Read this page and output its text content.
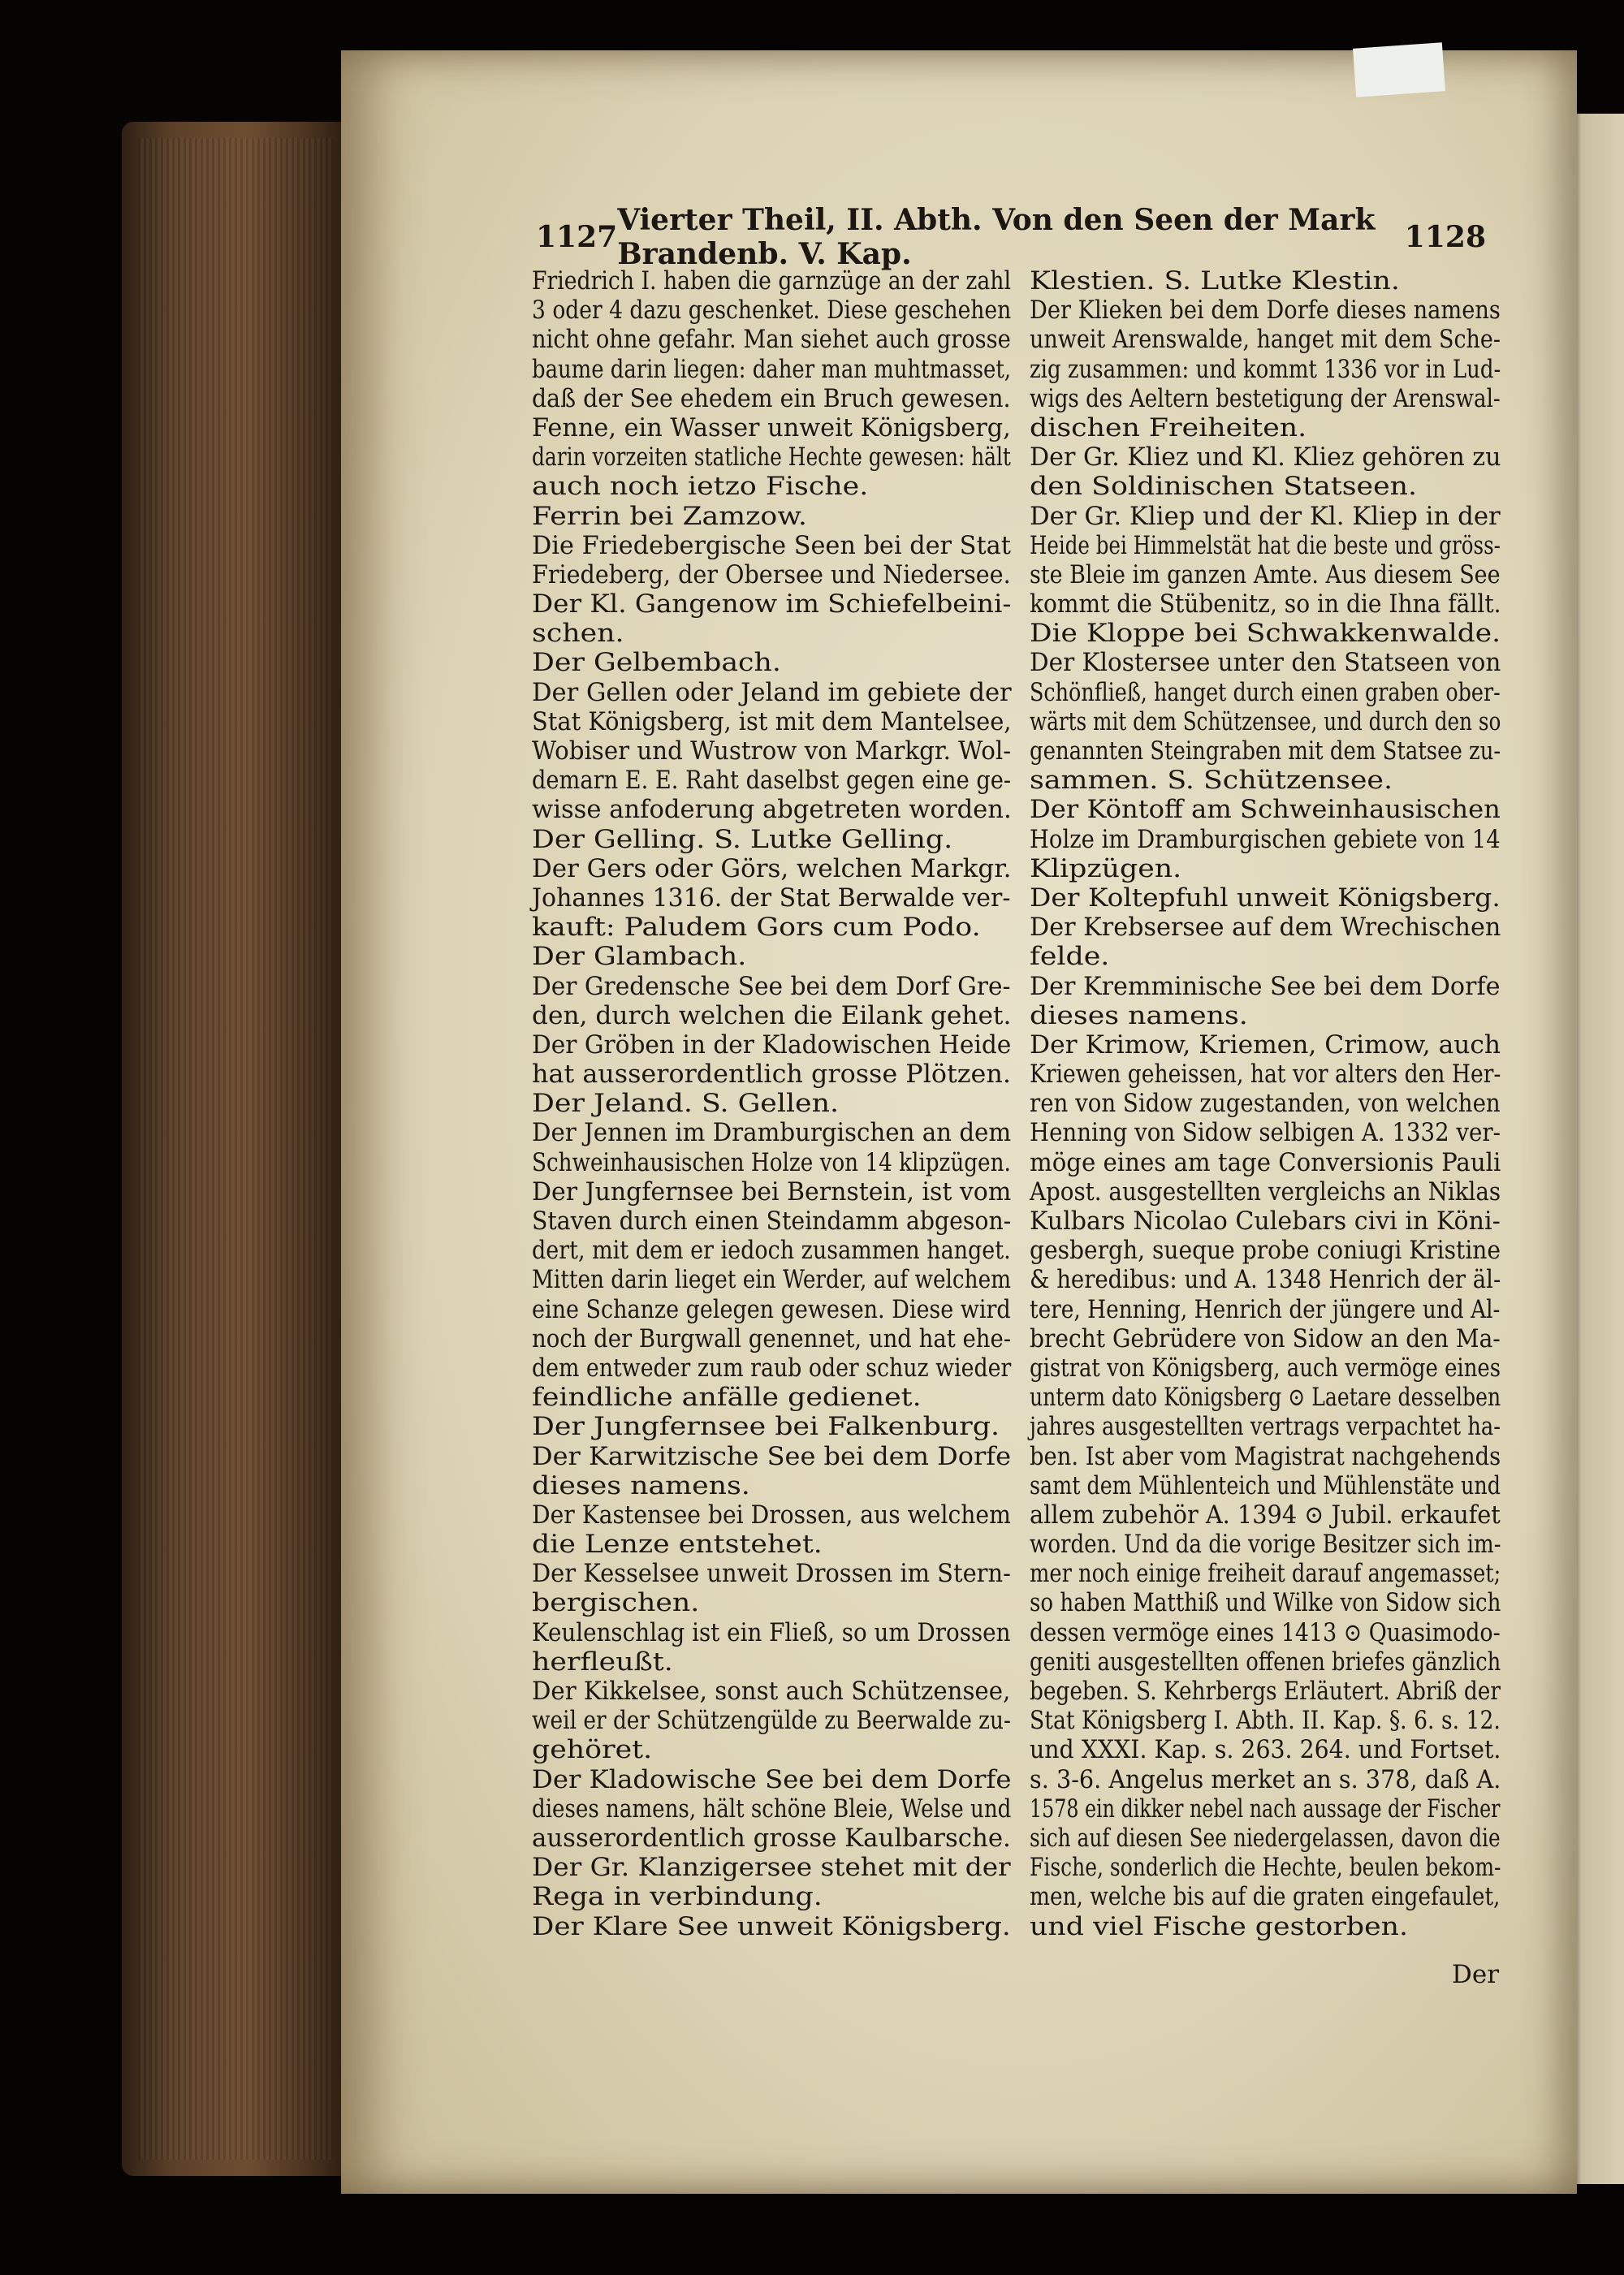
1127 Vierter Theil, II. Abth. Von den Seen der Mark Brandenb. V. Kap.	1128
Friedrich I. haben die garnzüge an der zahl
3 oder 4 dazu geschenket. Diese geschehen
nicht ohne gefahr. Man siehet auch grosse
baume darin liegen: daher man muhtmasset,
daß der See ehedem ein Bruch gewesen.
Fenne, ein Wasser unweit Königsberg,
darin vorzeiten statliche Hechte gewesen: hält
auch noch ietzo Fische.
Ferrin bei Zamzow.
Die Friedebergische Seen bei der Stat
Friedeberg, der Obersee und Niedersee.
Der Kl. Gangenow im Schiefelbeini-
schen.
Der Gelbembach.
Der Gellen oder Jeland im gebiete der
Stat Königsberg, ist mit dem Mantelsee,
Wobiser und Wustrow von Markgr. Wol-
demarn E. E. Raht daselbst gegen eine ge-
wisse anfoderung abgetreten worden.
Der Gelling. S. Lutke Gelling.
Der Gers oder Görs, welchen Markgr.
Johannes 1316. der Stat Berwalde ver-
kauft: Paludem Gors cum Podo.
Der Glambach.
Der Gredensche See bei dem Dorf Gre-
den, durch welchen die Eilank gehet.
Der Gröben in der Kladowischen Heide
hat ausserordentlich grosse Plötzen.
Der Jeland. S. Gellen.
Der Jennen im Dramburgischen an dem
Schweinhausischen Holze von 14 klipzügen.
Der Jungfernsee bei Bernstein, ist vom
Staven durch einen Steindamm abgeson-
dert, mit dem er iedoch zusammen hanget.
Mitten darin lieget ein Werder, auf welchem
eine Schanze gelegen gewesen. Diese wird
noch der Burgwall genennet, und hat ehe-
dem entweder zum raub oder schuz wieder
feindliche anfälle gedienet.
Der Jungfernsee bei Falkenburg.
Der Karwitzische See bei dem Dorfe
dieses namens.
Der Kastensee bei Drossen, aus welchem
die Lenze entstehet.
Der Kesselsee unweit Drossen im Stern-
bergischen.
Keulenschlag ist ein Fließ, so um Drossen
herfleußt.
Der Kikkelsee, sonst auch Schützensee,
weil er der Schützengülde zu Beerwalde zu-
gehöret.
Der Kladowische See bei dem Dorfe
dieses namens, hält schöne Bleie, Welse und
ausserordentlich grosse Kaulbarsche.
Der Gr. Klanzigersee stehet mit der
Rega in verbindung.
Der Klare See unweit Königsberg.
Klestien. S. Lutke Klestin.
Der Klieken bei dem Dorfe dieses namens
unweit Arenswalde, hanget mit dem Sche-
zig zusammen: und kommt 1336 vor in Lud-
wigs des Aeltern bestetigung der Arenswal-
dischen Freiheiten.
Der Gr. Kliez und Kl. Kliez gehören zu
den Soldinischen Statseen.
Der Gr. Kliep und der Kl. Kliep in der
Heide bei Himmelstät hat die beste und gröss-
ste Bleie im ganzen Amte. Aus diesem See
kommt die Stübenitz, so in die Ihna fällt.
Die Kloppe bei Schwakkenwalde.
Der Klostersee unter den Statseen von
Schönfließ, hanget durch einen graben ober-
wärts mit dem Schützensee, und durch den so
genannten Steingraben mit dem Statsee zu-
sammen. S. Schützensee.
Der Köntoff am Schweinhausischen
Holze im Dramburgischen gebiete von 14
Klipzügen.
Der Koltepfuhl unweit Königsberg.
Der Krebsersee auf dem Wrechischen
felde.
Der Kremminische See bei dem Dorfe
dieses namens.
Der Krimow, Kriemen, Crimow, auch
Kriewen geheissen, hat vor alters den Her-
ren von Sidow zugestanden, von welchen
Henning von Sidow selbigen A. 1332 ver-
möge eines am tage Conversionis Pauli
Apost. ausgestellten vergleichs an Niklas
Kulbars Nicolao Culebars civi in Köni-
gesbergh, sueque probe coniugi Kristine
& heredibus: und A. 1348 Henrich der äl-
tere, Henning, Henrich der jüngere und Al-
brecht Gebrüdere von Sidow an den Ma-
gistrat von Königsberg, auch vermöge eines
unterm dato Königsberg ⊙ Laetare desselben
jahres ausgestellten vertrags verpachtet ha-
ben. Ist aber vom Magistrat nachgehends
samt dem Mühlenteich und Mühlenstäte und
allem zubehör A. 1394 ⊙ Jubil. erkaufet
worden. Und da die vorige Besitzer sich im-
mer noch einige freiheit darauf angemasset;
so haben Matthiß und Wilke von Sidow sich
dessen vermöge eines 1413 ⊙ Quasimodo-
geniti ausgestellten offenen briefes gänzlich
begeben. S. Kehrbergs Erläutert. Abriß der
Stat Königsberg I. Abth. II. Kap. §. 6. s. 12.
und XXXI. Kap. s. 263. 264. und Fortset.
s. 3-6. Angelus merket an s. 378, daß A.
1578 ein dikker nebel nach aussage der Fischer
sich auf diesen See niedergelassen, davon die
Fische, sonderlich die Hechte, beulen bekom-
men, welche bis auf die graten eingefaulet,
und viel Fische gestorben.
Der
